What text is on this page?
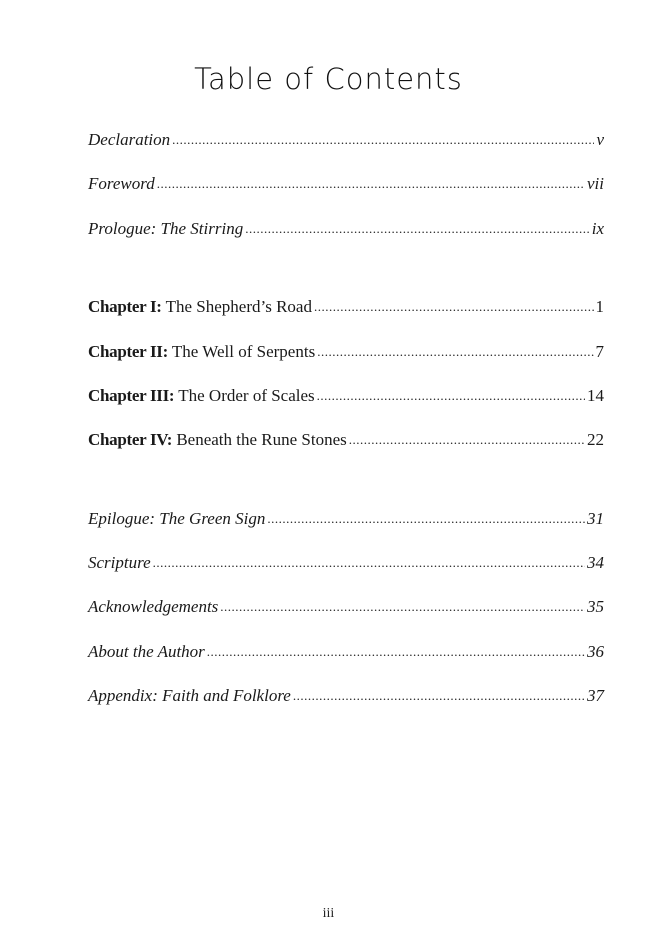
Table of Contents
Declaration .....	v
Foreword .....	vii
Prologue: The Stirring .....	ix
Chapter I: The Shepherd’s Road .....	1
Chapter II: The Well of Serpents .....	7
Chapter III: The Order of Scales .....	14
Chapter IV: Beneath the Rune Stones .....	22
Epilogue: The Green Sign .....	31
Scripture .....	34
Acknowledgements .....	35
About the Author .....	36
Appendix: Faith and Folklore .....	37
iii
